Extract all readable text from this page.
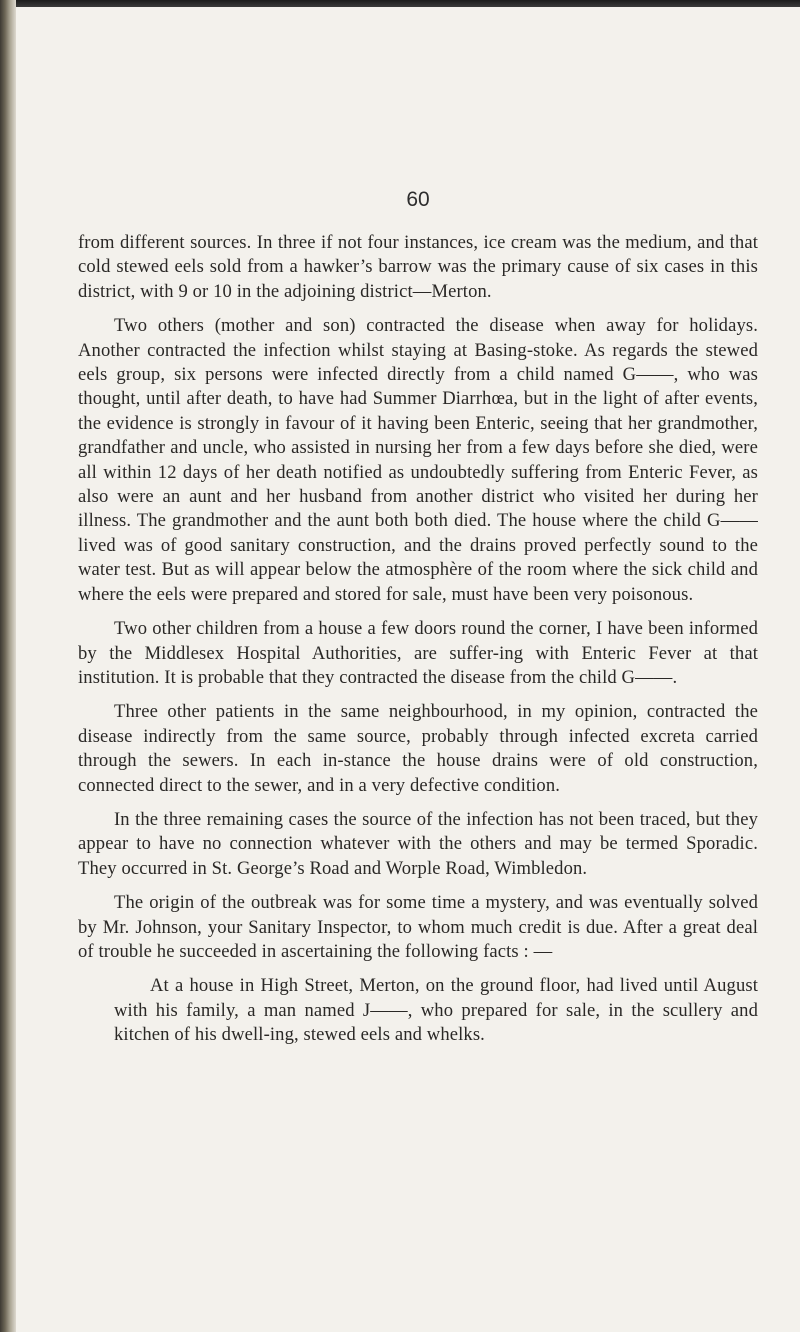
60

from different sources. In three if not four instances, ice cream was the medium, and that cold stewed eels sold from a hawker’s barrow was the primary cause of six cases in this district, with 9 or 10 in the adjoining district—Merton.

Two others (mother and son) contracted the disease when away for holidays. Another contracted the infection whilst staying at Basing-stoke. As regards the stewed eels group, six persons were infected directly from a child named G——, who was thought, until after death, to have had Summer Diarrhœa, but in the light of after events, the evidence is strongly in favour of it having been Enteric, seeing that her grandmother, grandfather and uncle, who assisted in nursing her from a few days before she died, were all within 12 days of her death notified as undoubtedly suffering from Enteric Fever, as also were an aunt and her husband from another district who visited her during her illness. The grandmother and the aunt both both died. The house where the child G—— lived was of good sanitary construction, and the drains proved perfectly sound to the water test. But as will appear below the atmosphère of the room where the sick child and where the eels were prepared and stored for sale, must have been very poisonous.

Two other children from a house a few doors round the corner, I have been informed by the Middlesex Hospital Authorities, are suffer-ing with Enteric Fever at that institution. It is probable that they contracted the disease from the child G——.

Three other patients in the same neighbourhood, in my opinion, contracted the disease indirectly from the same source, probably through infected excreta carried through the sewers. In each in-stance the house drains were of old construction, connected direct to the sewer, and in a very defective condition.

In the three remaining cases the source of the infection has not been traced, but they appear to have no connection whatever with the others and may be termed Sporadic. They occurred in St. George’s Road and Worple Road, Wimbledon.

The origin of the outbreak was for some time a mystery, and was eventually solved by Mr. Johnson, your Sanitary Inspector, to whom much credit is due. After a great deal of trouble he succeeded in ascertaining the following facts : —

At a house in High Street, Merton, on the ground floor, had lived until August with his family, a man named J——, who prepared for sale, in the scullery and kitchen of his dwell-ing, stewed eels and whelks.
